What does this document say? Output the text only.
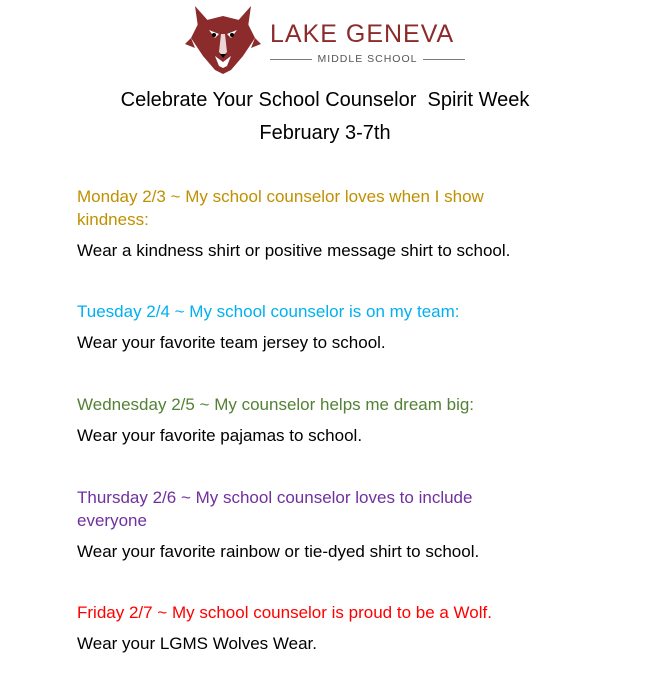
LAKE GENEVA
MIDDLE SCHOOL
Celebrate Your School Counselor  Spirit Week
February 3-7th
Monday 2/3 ~ My school counselor loves when I show kindness:
Wear a kindness shirt or positive message shirt to school.
Tuesday 2/4 ~ My school counselor is on my team:
Wear your favorite team jersey to school.
Wednesday 2/5 ~ My counselor helps me dream big:
Wear your favorite pajamas to school.
Thursday 2/6 ~ My school counselor loves to include everyone
Wear your favorite rainbow or tie-dyed shirt to school.
Friday 2/7 ~ My school counselor is proud to be a Wolf.
Wear your LGMS Wolves Wear.
